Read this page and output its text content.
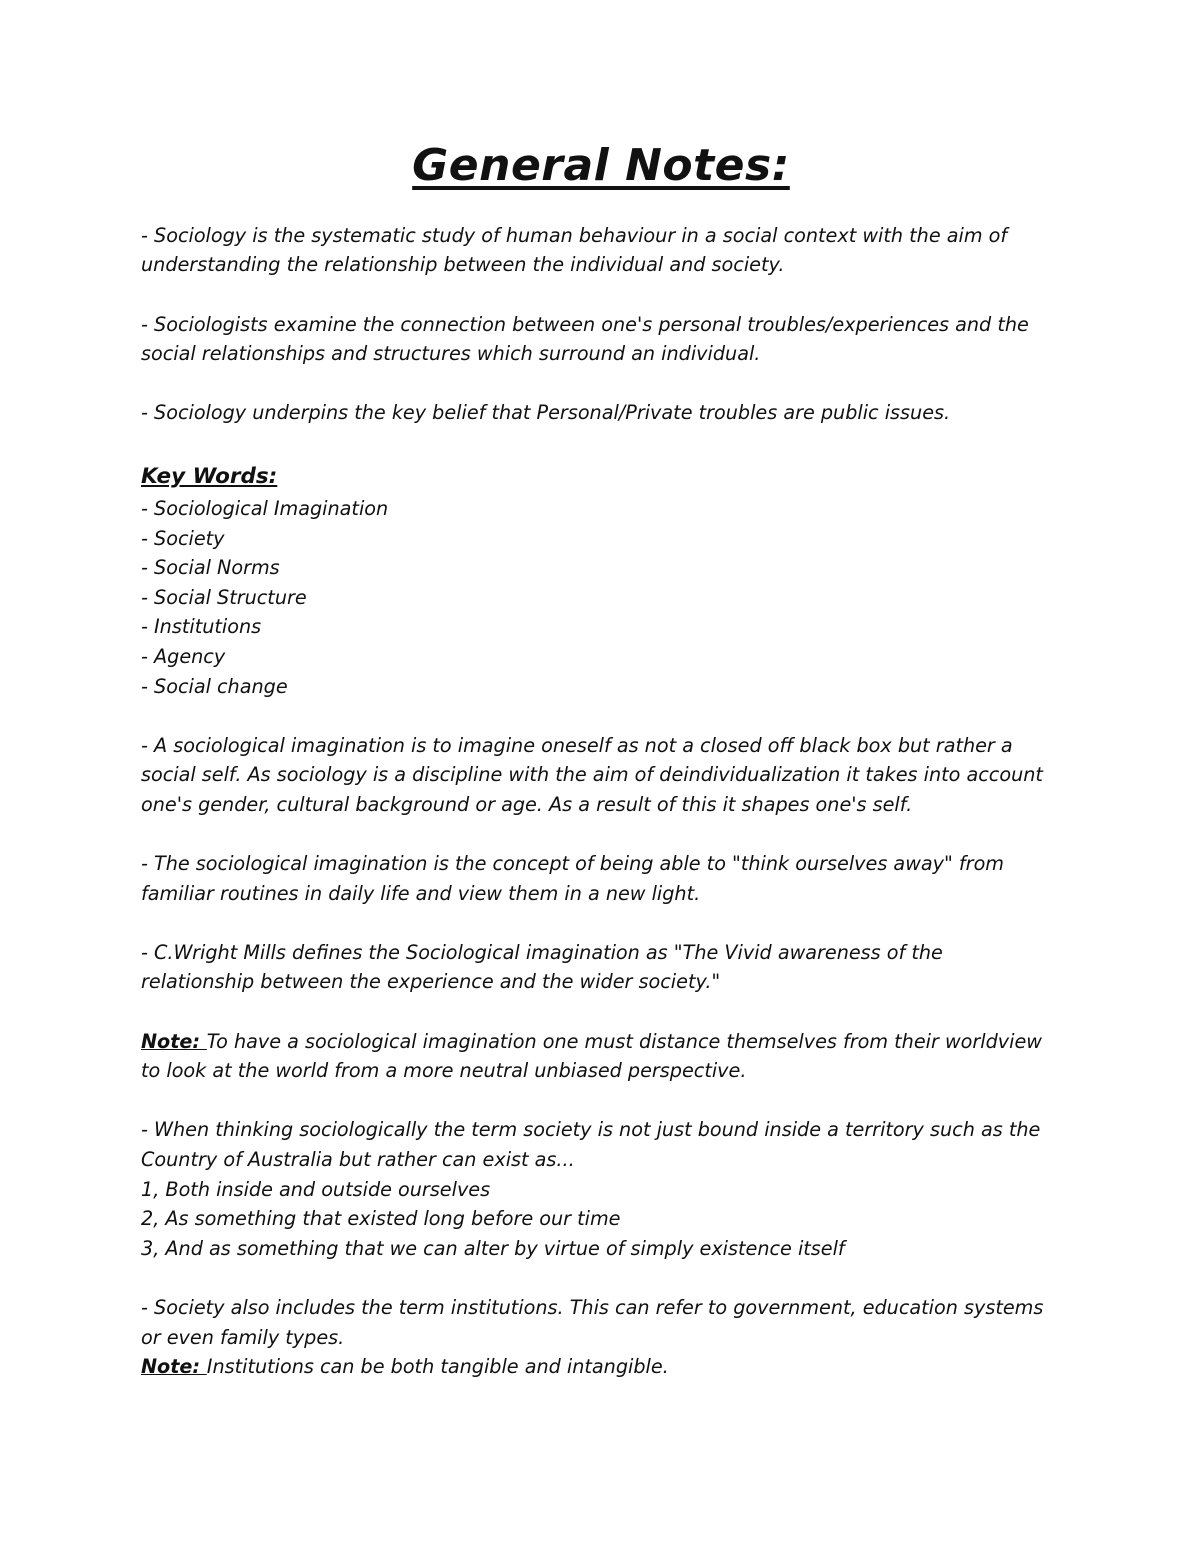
General Notes:
- Sociology is the systematic study of human behaviour in a social context with the aim of
understanding the relationship between the individual and society.
- Sociologists examine the connection between one's personal troubles/experiences and the
social relationships and structures which surround an individual.
- Sociology underpins the key belief that Personal/Private troubles are public issues.
Key Words:
- Sociological Imagination
- Society
- Social Norms
- Social Structure
- Institutions
- Agency
- Social change
- A sociological imagination is to imagine oneself as not a closed off black box but rather a
social self. As sociology is a discipline with the aim of deindividualization it takes into account
one's gender, cultural background or age. As a result of this it shapes one's self.
- The sociological imagination is the concept of being able to "think ourselves away" from
familiar routines in daily life and view them in a new light.
- C.Wright Mills defines the Sociological imagination as "The Vivid awareness of the
relationship between the experience and the wider society."
Note: To have a sociological imagination one must distance themselves from their worldview
to look at the world from a more neutral unbiased perspective.
- When thinking sociologically the term society is not just bound inside a territory such as the
Country of Australia but rather can exist as...
1, Both inside and outside ourselves
2, As something that existed long before our time
3, And as something that we can alter by virtue of simply existence itself
- Society also includes the term institutions. This can refer to government, education systems
or even family types.
Note: Institutions can be both tangible and intangible.
